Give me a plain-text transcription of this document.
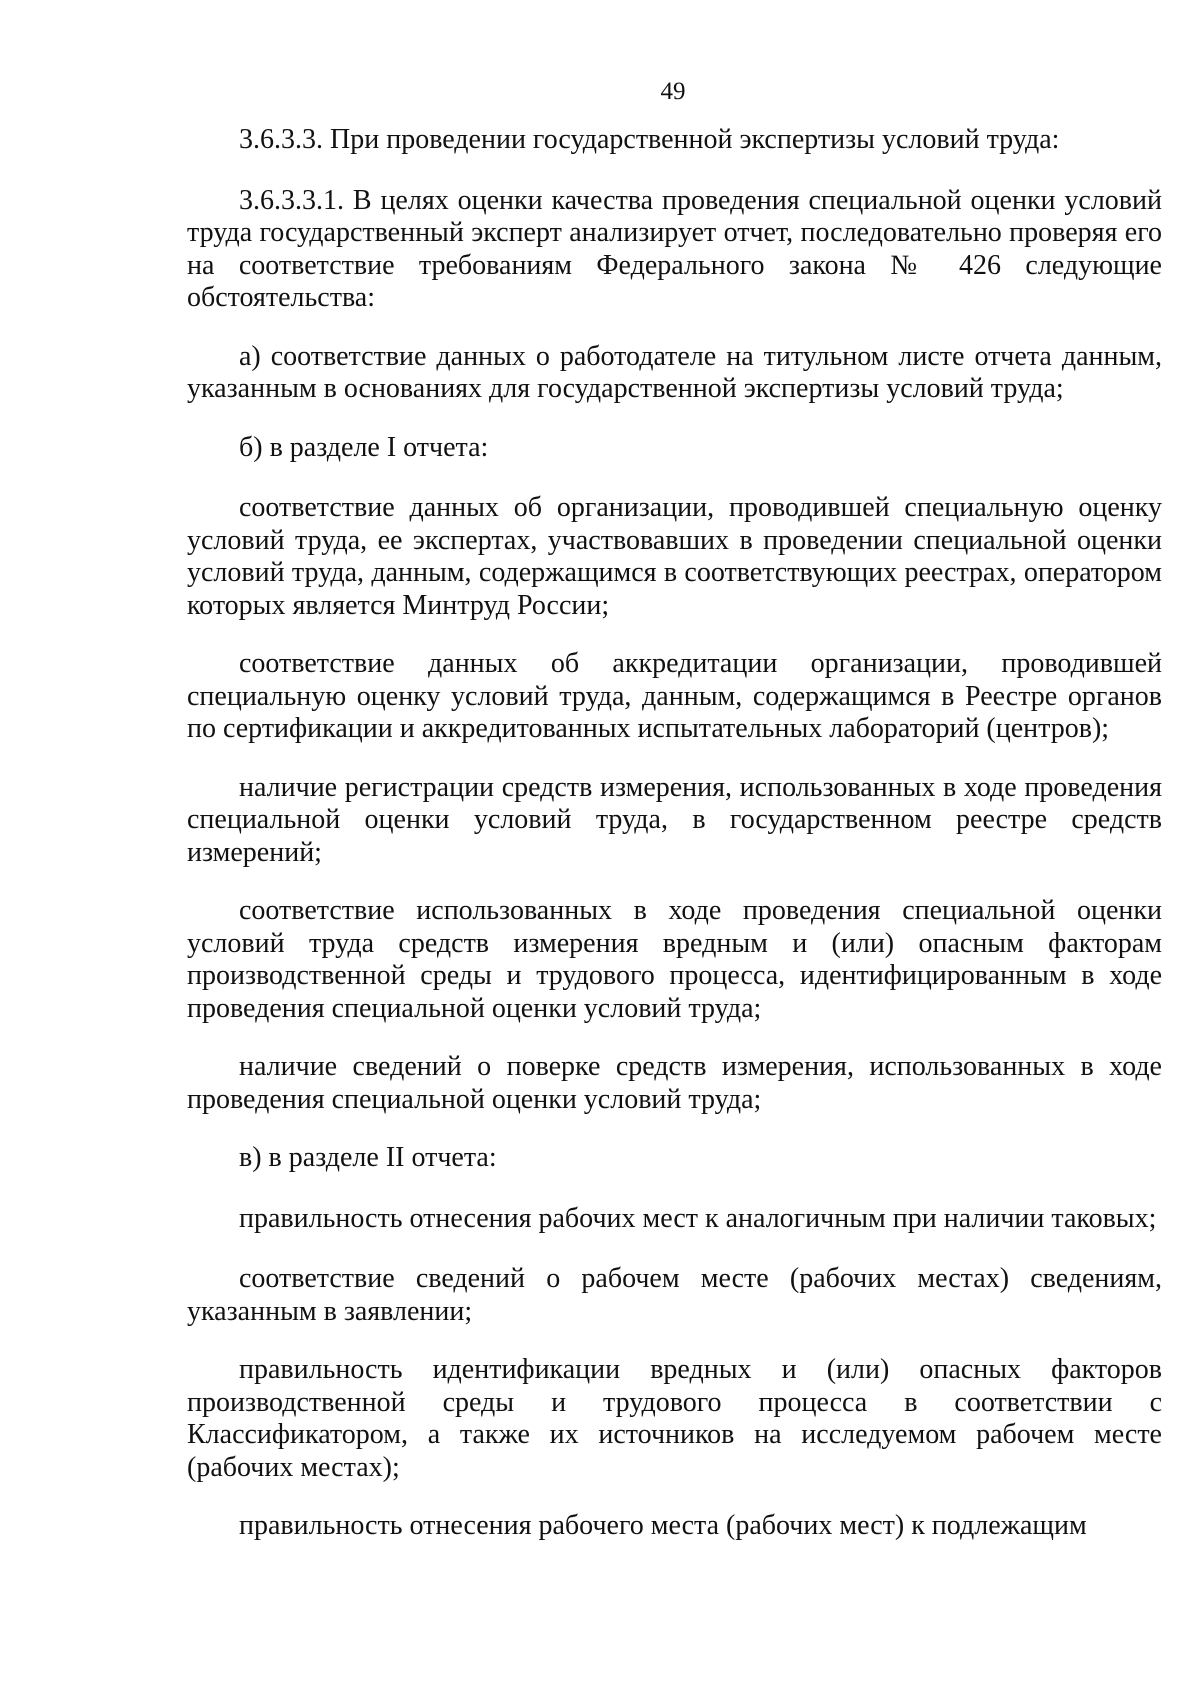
49

3.6.3.3. При проведении государственной экспертизы условий труда:

3.6.3.3.1. В целях оценки качества проведения специальной оценки условий труда государственный эксперт анализирует отчет, последовательно проверяя его на соответствие требованиям Федерального закона № 426 следующие обстоятельства:

а) соответствие данных о работодателе на титульном листе отчета данным, указанным в основаниях для государственной экспертизы условий труда;

б) в разделе I отчета:

соответствие данных об организации, проводившей специальную оценку условий труда, ее экспертах, участвовавших в проведении специальной оценки условий труда, данным, содержащимся в соответствующих реестрах, оператором которых является Минтруд России;

соответствие данных об аккредитации организации, проводившей специальную оценку условий труда, данным, содержащимся в Реестре органов по сертификации и аккредитованных испытательных лабораторий (центров);

наличие регистрации средств измерения, использованных в ходе проведения специальной оценки условий труда, в государственном реестре средств измерений;

соответствие использованных в ходе проведения специальной оценки условий труда средств измерения вредным и (или) опасным факторам производственной среды и трудового процесса, идентифицированным в ходе проведения специальной оценки условий труда;

наличие сведений о поверке средств измерения, использованных в ходе проведения специальной оценки условий труда;

в) в разделе II отчета:

правильность отнесения рабочих мест к аналогичным при наличии таковых;

соответствие сведений о рабочем месте (рабочих местах) сведениям, указанным в заявлении;

правильность идентификации вредных и (или) опасных факторов производственной среды и трудового процесса в соответствии с Классификатором, а также их источников на исследуемом рабочем месте (рабочих местах);

правильность отнесения рабочего места (рабочих мест) к подлежащим
